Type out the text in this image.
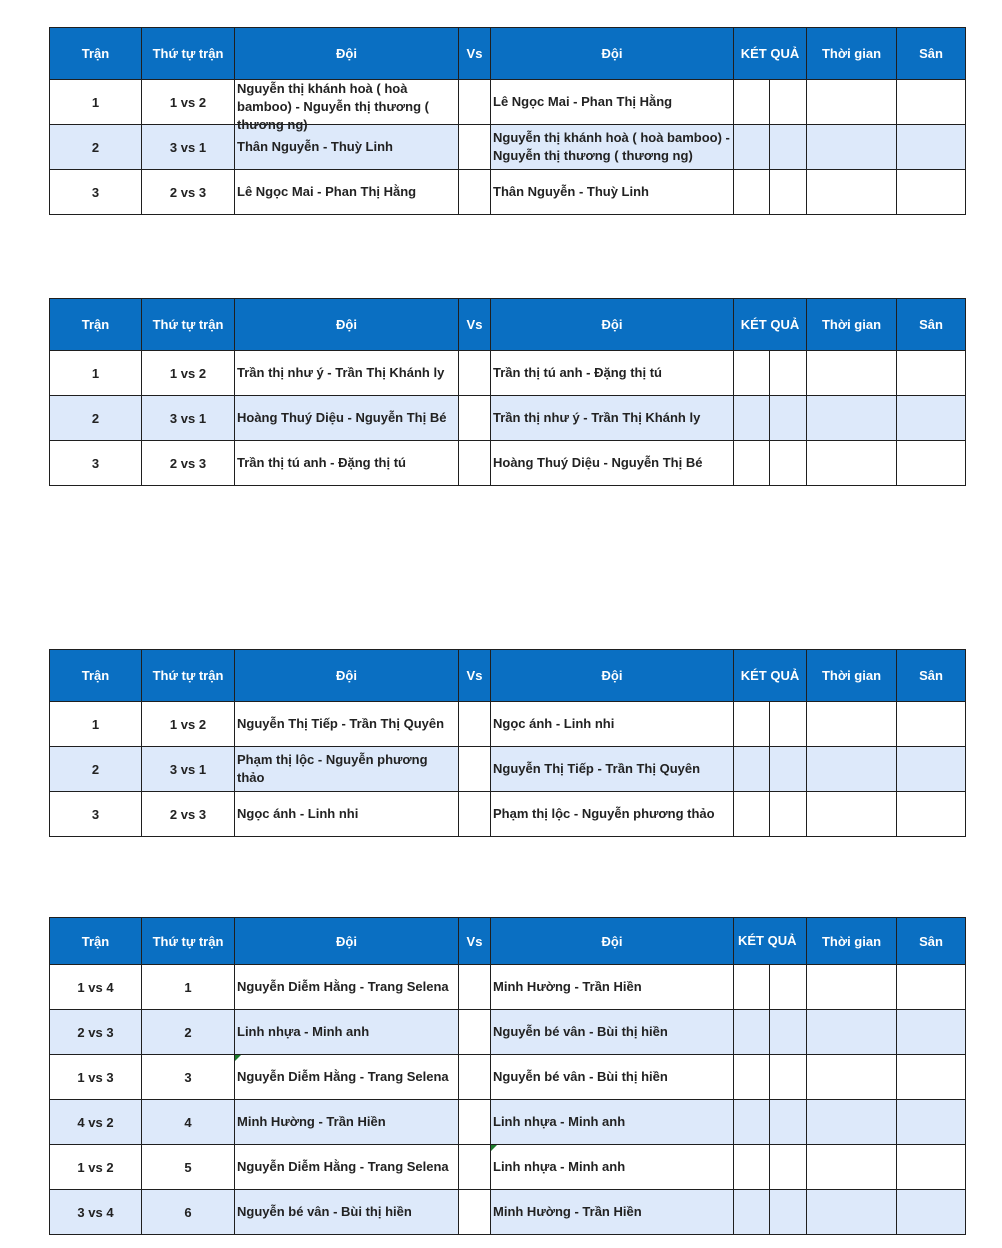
Trận	Thứ tự trận	Đội	Vs	Đội	KÉT QUẢ		Thời gian	Sân
1	1 vs 2	Nguyễn thị khánh hoà ( hoà bamboo) - Nguyễn thị thương ( thương ng)		Lê Ngọc Mai - Phan Thị Hằng				

2	3 vs 1	Thân Nguyễn - Thuỳ Linh		Nguyễn thị khánh hoà ( hoà bamboo) - Nguyễn thị thương ( thương ng)				

3	2 vs 3	Lê Ngọc Mai - Phan Thị Hằng		Thân Nguyễn - Thuỳ Linh				

Trận	Thứ tự trận	Đội	Vs	Đội	KÉT QUẢ		Thời gian	Sân
1	1 vs 2	Trần thị như ý - Trần Thị Khánh ly		Trần thị tú anh - Đặng thị tú				

2	3 vs 1	Hoàng Thuý Diệu - Nguyễn Thị Bé		Trần thị như ý - Trần Thị Khánh ly				

3	2 vs 3	Trần thị tú anh - Đặng thị tú		Hoàng Thuý Diệu - Nguyễn Thị Bé				

Trận	Thứ tự trận	Đội	Vs	Đội	KÉT QUẢ		Thời gian	Sân
1	1 vs 2	Nguyễn Thị Tiếp - Trần Thị Quyên		Ngọc ánh - Linh nhi				

2	3 vs 1	Phạm thị lộc - Nguyễn phương thảo		Nguyễn Thị Tiếp - Trần Thị Quyên				

3	2 vs 3	Ngọc ánh - Linh nhi		Phạm thị lộc - Nguyễn phương thảo				

Trận	Thứ tự trận	Đội	Vs	Đội	KÉT QUẢ		Thời gian	Sân
1 vs 4	1	Nguyễn Diễm Hằng - Trang Selena		Minh Hường - Trần Hiền				

2 vs 3	2	Linh nhựa - Minh anh		Nguyễn bé vân - Bùi thị hiền				

1 vs 3	3	Nguyễn Diễm Hằng - Trang Selena		Nguyễn bé vân - Bùi thị hiền				

4 vs 2	4	Minh Hường - Trần Hiền		Linh nhựa - Minh anh				

1 vs 2	5	Nguyễn Diễm Hằng - Trang Selena		Linh nhựa - Minh anh				

3 vs 4	6	Nguyễn bé vân - Bùi thị hiền		Minh Hường - Trần Hiền				
